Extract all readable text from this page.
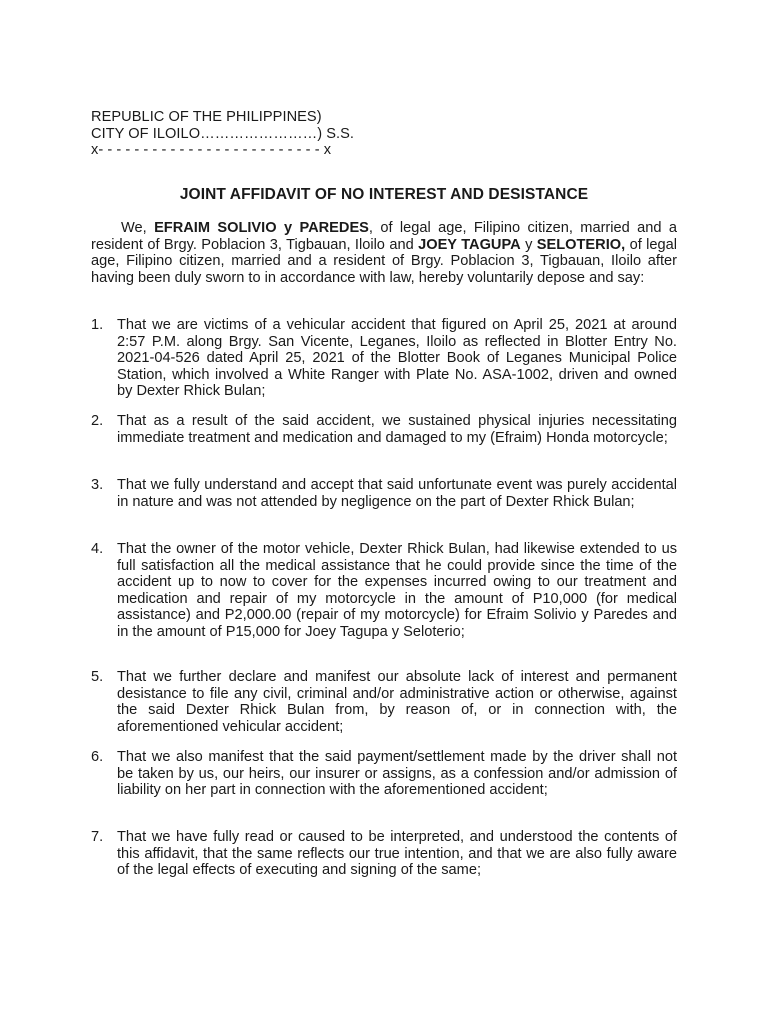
REPUBLIC OF THE PHILIPPINES)
CITY OF ILOILO……………………) S.S.
x- - - - - - - - - - - - - - - - - - - - - - - - - x
JOINT AFFIDAVIT OF NO INTEREST AND DESISTANCE
We, EFRAIM SOLIVIO y PAREDES, of legal age, Filipino citizen, married and a resident of Brgy. Poblacion 3, Tigbauan, Iloilo and JOEY TAGUPA y SELOTERIO, of legal age, Filipino citizen, married and a resident of Brgy. Poblacion 3, Tigbauan, Iloilo after having been duly sworn to in accordance with law, hereby voluntarily depose and say:
1. That we are victims of a vehicular accident that figured on April 25, 2021 at around 2:57 P.M. along Brgy. San Vicente, Leganes, Iloilo as reflected in Blotter Entry No. 2021-04-526 dated April 25, 2021 of the Blotter Book of Leganes Municipal Police Station, which involved a White Ranger with Plate No. ASA-1002, driven and owned by Dexter Rhick Bulan;
2. That as a result of the said accident, we sustained physical injuries necessitating immediate treatment and medication and damaged to my (Efraim) Honda motorcycle;
3. That we fully understand and accept that said unfortunate event was purely accidental in nature and was not attended by negligence on the part of Dexter Rhick Bulan;
4. That the owner of the motor vehicle, Dexter Rhick Bulan, had likewise extended to us full satisfaction all the medical assistance that he could provide since the time of the accident up to now to cover for the expenses incurred owing to our treatment and medication and repair of my motorcycle in the amount of P10,000 (for medical assistance) and P2,000.00 (repair of my motorcycle) for Efraim Solivio y Paredes and in the amount of P15,000 for Joey Tagupa y Seloterio;
5. That we further declare and manifest our absolute lack of interest and permanent desistance to file any civil, criminal and/or administrative action or otherwise, against the said Dexter Rhick Bulan from, by reason of, or in connection with, the aforementioned vehicular accident;
6. That we also manifest that the said payment/settlement made by the driver shall not be taken by us, our heirs, our insurer or assigns, as a confession and/or admission of liability on her part in connection with the aforementioned accident;
7. That we have fully read or caused to be interpreted, and understood the contents of this affidavit, that the same reflects our true intention, and that we are also fully aware of the legal effects of executing and signing of the same;
